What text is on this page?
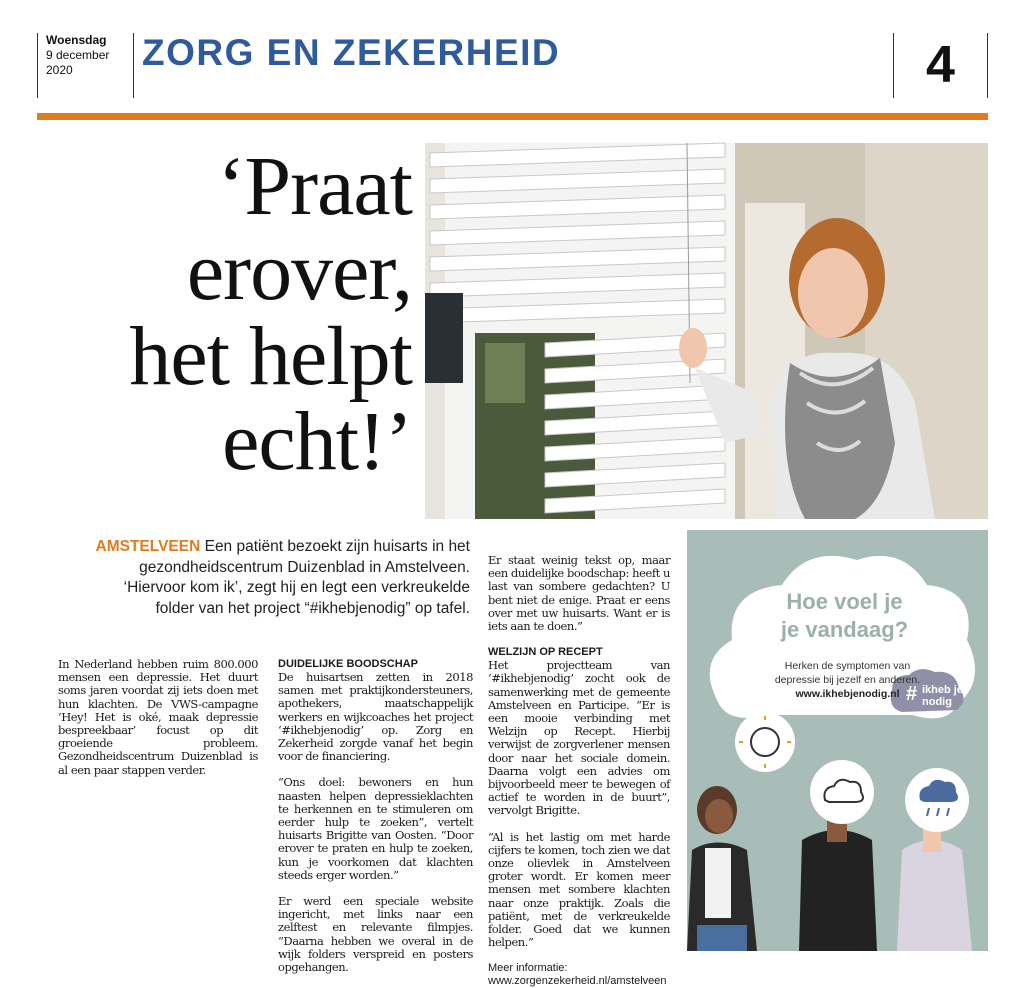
Woensdag
9 december
2020	ZORG EN ZEKERHEID	4
‘Praat
erover,
het helpt
echt!’
AMSTELVEEN Een patiënt bezoekt zijn huisarts in het gezondheidscentrum Duizenblad in Amstelveen. ‘Hiervoor kom ik’, zegt hij en legt een verkreukelde folder van het project “#ikhebjenodig” op tafel.

In Nederland hebben ruim 800.000 mensen een depressie. Het duurt soms jaren voordat zij iets doen met hun klachten. De VWS-campagne ‘Hey! Het is oké, maak depressie bespreekbaar’ focust op dit groeiende probleem. Gezondheidscentrum Duizenblad is al een paar stappen verder.

DUIDELIJKE BOODSCHAP

De huisartsen zetten in 2018 samen met praktijkondersteuners, apothekers, maatschappelijk werkers en wijkcoaches het project ‘#ikhebjenodig’ op. Zorg en Zekerheid zorgde vanaf het begin voor de financiering.

“Ons doel: bewoners en hun naasten helpen depressieklachten te herkennen en te stimuleren om eerder hulp te zoeken”, vertelt huisarts Brigitte van Oosten. “Door erover te praten en hulp te zoeken, kun je voorkomen dat klachten steeds erger worden.”

Er werd een speciale website ingericht, met links naar een zelftest en relevante filmpjes. “Daarna hebben we overal in de wijk folders verspreid en posters opgehangen.

Er staat weinig tekst op, maar een duidelijke boodschap: heeft u last van sombere gedachten? U bent niet de enige. Praat er eens over met uw huisarts. Want er is iets aan te doen.”

WELZIJN OP RECEPT

Het projectteam van ‘#ikhebjenodig’ zocht ook de samenwerking met de gemeente Amstelveen en Participe. “Er is een mooie verbinding met Welzijn op Recept. Hierbij verwijst de zorgverlener mensen door naar het sociale domein. Daarna volgt een advies om bijvoorbeeld meer te bewegen of actief te worden in de buurt”, vervolgt Brigitte.

“Al is het lastig om met harde cijfers te komen, toch zien we dat onze olievlek in Amstelveen groter wordt. Er komen meer mensen met sombere klachten naar onze praktijk. Zoals die patiënt, met de verkreukelde folder. Goed dat we kunnen helpen.”

Meer informatie:
www.zorgenzekerheid.nl/amstelveen
Hoe voel je
je vandaag?
Herken de symptomen van
depressie bij jezelf en anderen.
www.ikhebjenodig.nl # ikheb je
nodig
